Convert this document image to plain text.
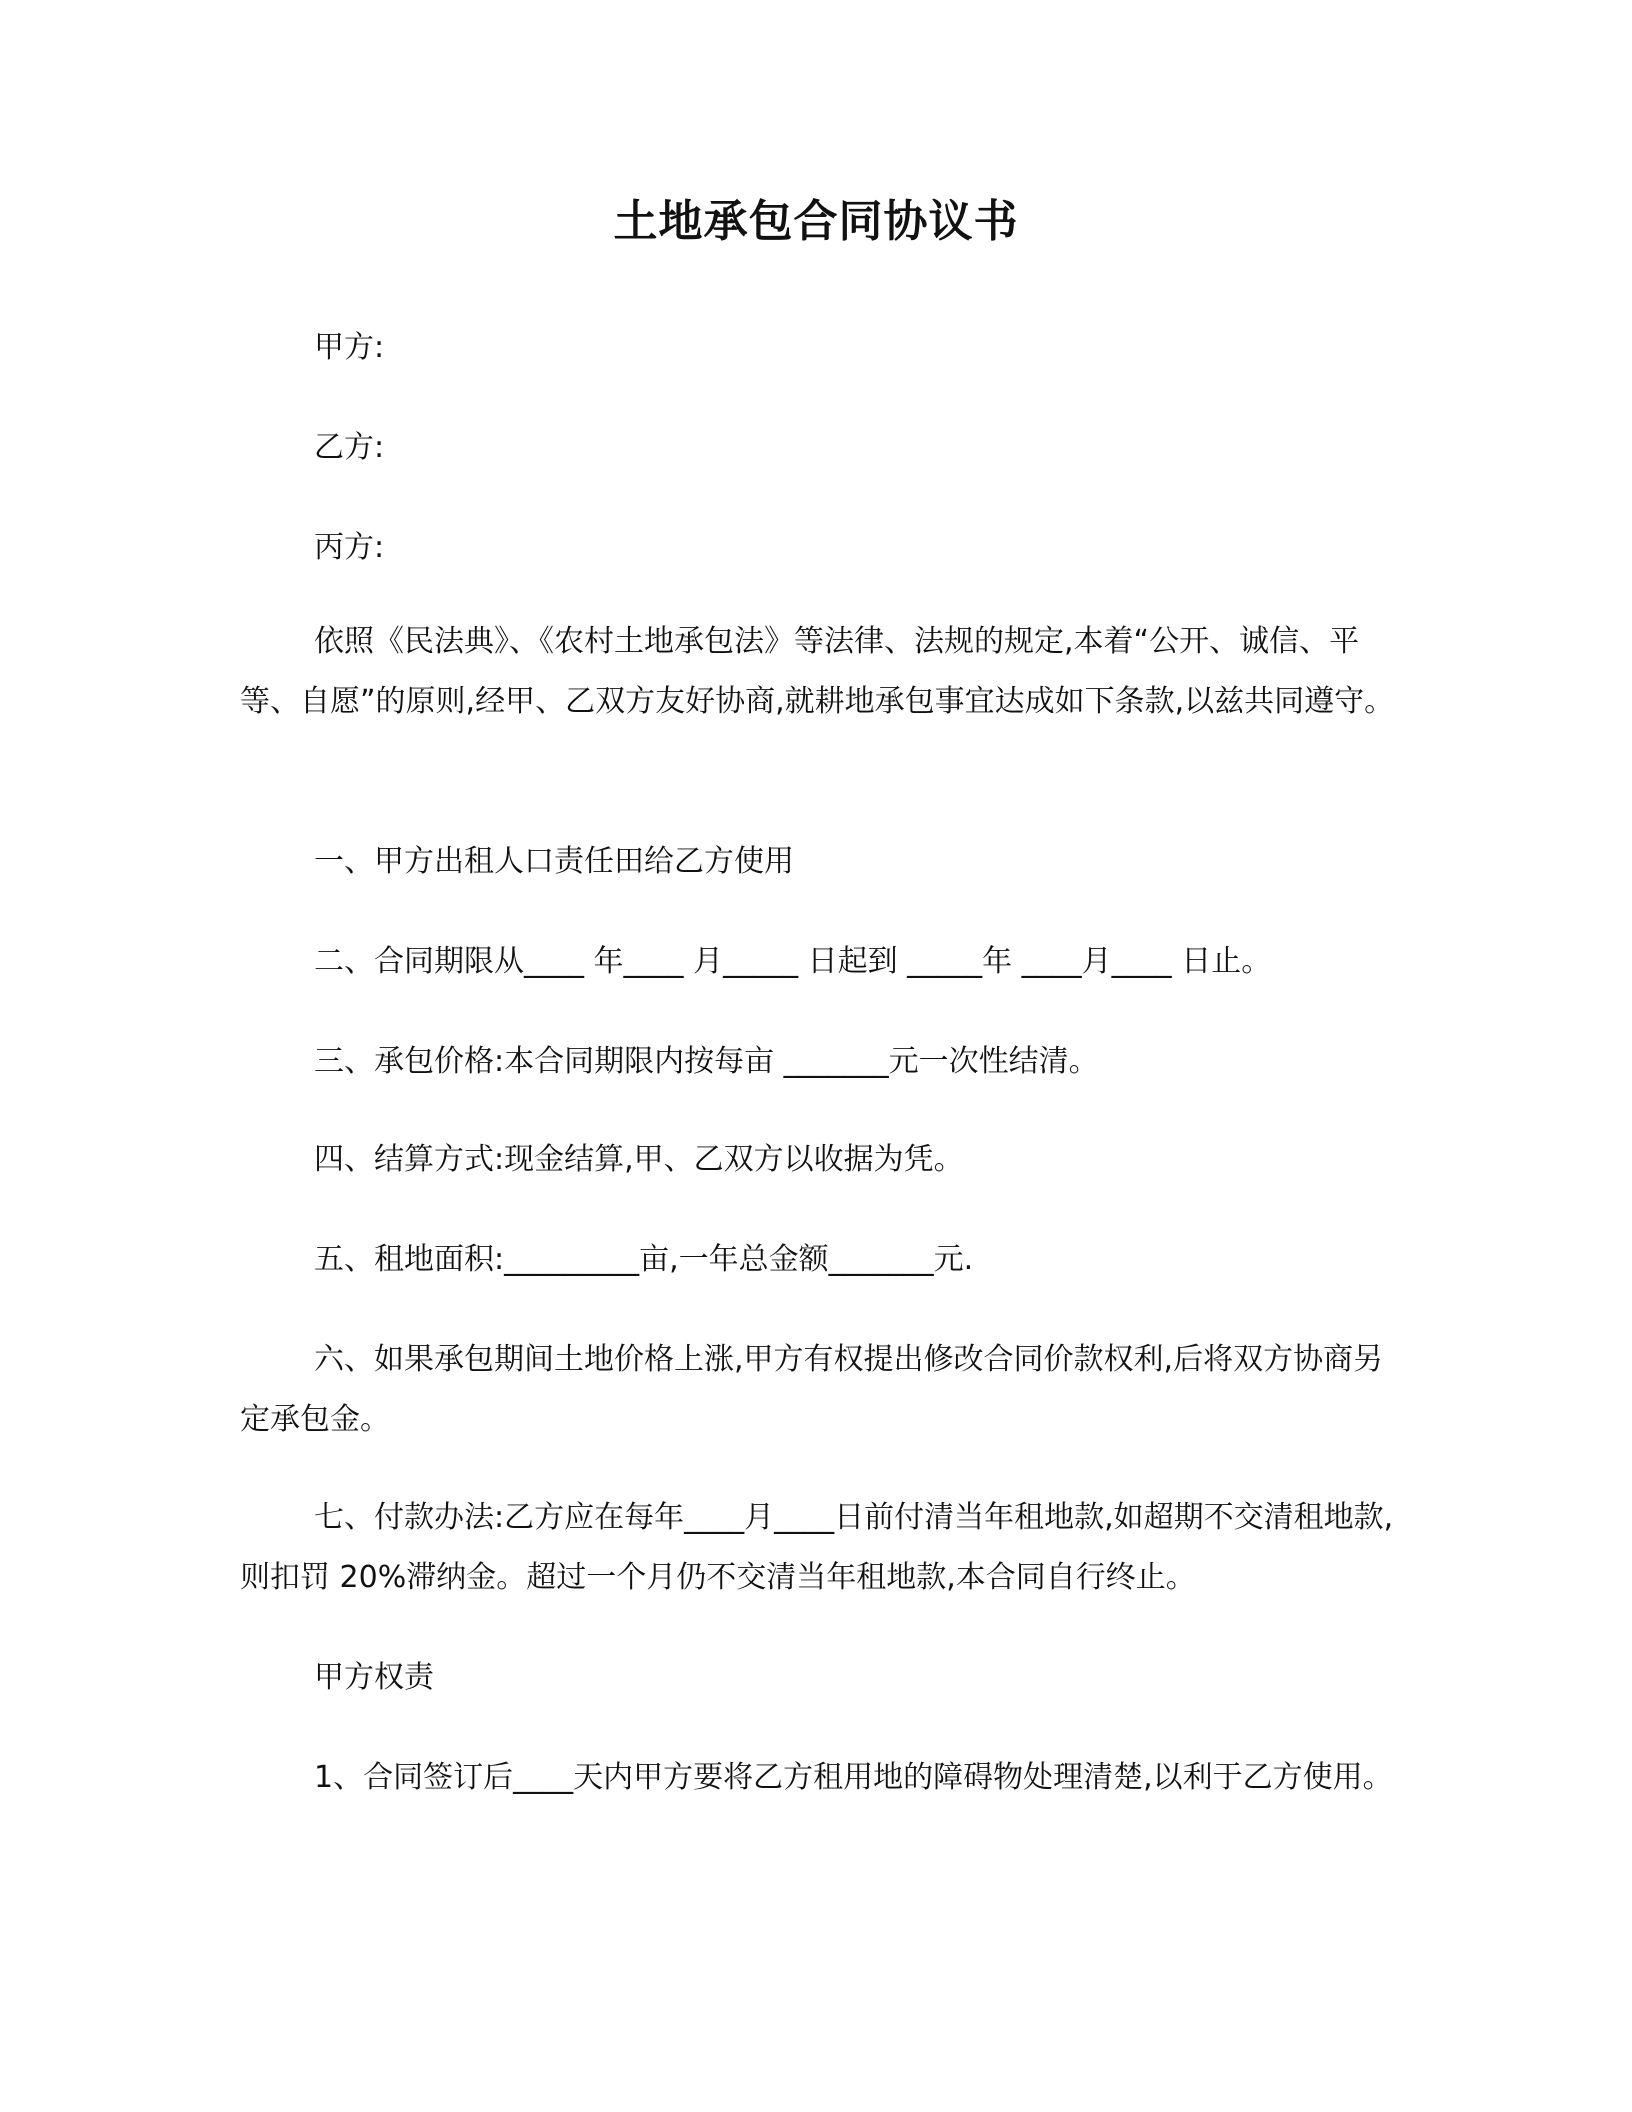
土地承包合同协议书

甲方:

乙方:

丙方:

依照《民法典》、《农村土地承包法》等法律、法规的规定,本着“公开、诚信、平等、自愿”的原则,经甲、乙双方友好协商,就耕地承包事宜达成如下条款,以兹共同遵守。

一、甲方出租人口责任田给乙方使用

二、合同期限从____ 年____ 月_____ 日起到 _____年 ____月____ 日止。

三、承包价格:本合同期限内按每亩 _______元一次性结清。

四、结算方式:现金结算,甲、乙双方以收据为凭。

五、租地面积:_________亩,一年总金额_______元.

六、如果承包期间土地价格上涨,甲方有权提出修改合同价款权利,后将双方协商另定承包金。

七、付款办法:乙方应在每年____月____日前付清当年租地款,如超期不交清租地款,则扣罚 20%滞纳金。超过一个月仍不交清当年租地款,本合同自行终止。

甲方权责

1、合同签订后____天内甲方要将乙方租用地的障碍物处理清楚,以利于乙方使用。
